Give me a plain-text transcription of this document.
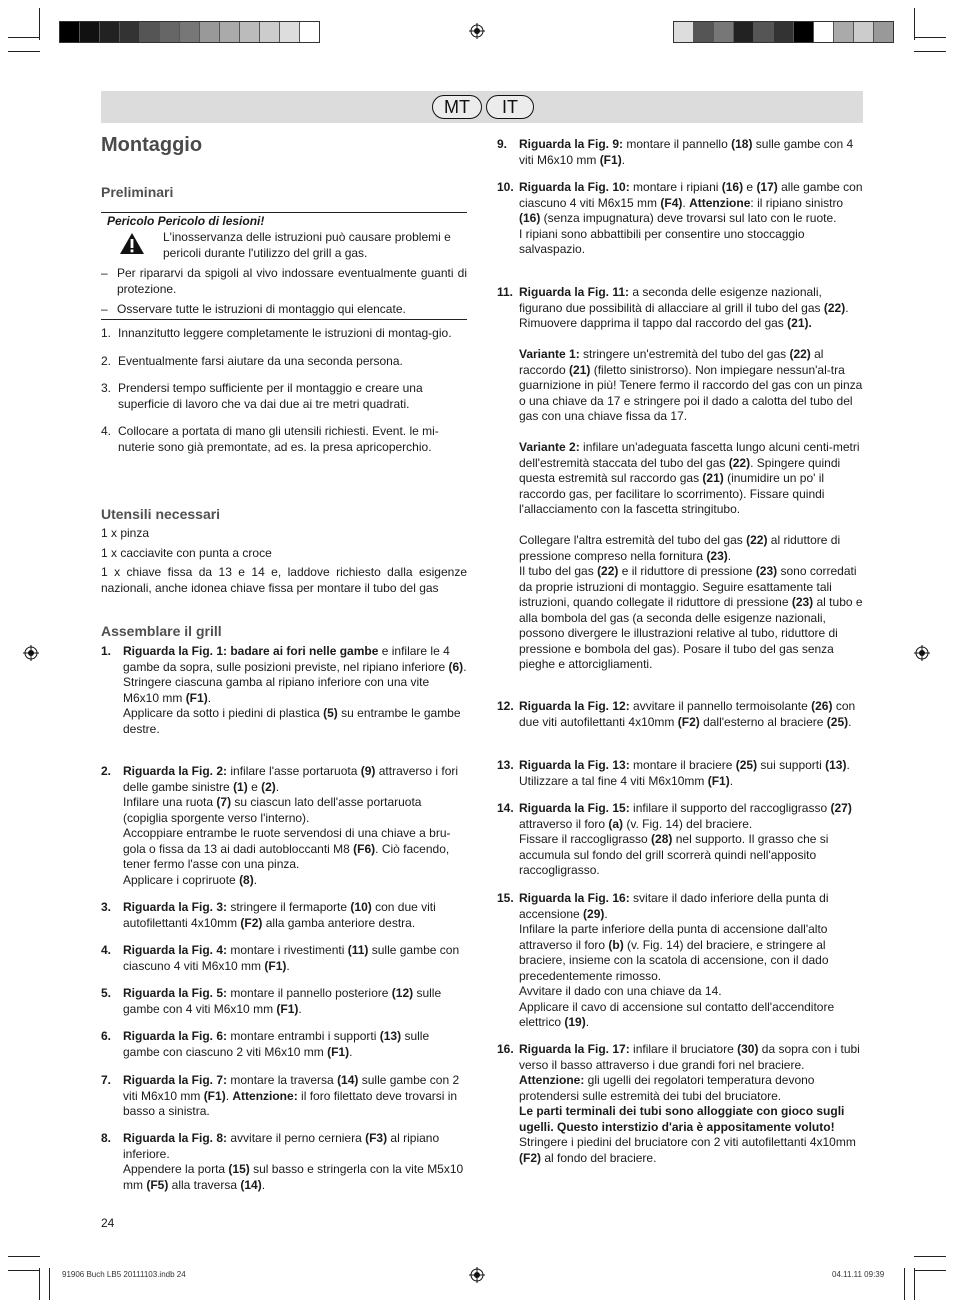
MT	IT
Montaggio
Preliminari
Pericolo Pericolo di lesioni!
L'inosservanza delle istruzioni può causare problemi e pericoli durante l'utilizzo del grill a gas.
– Per ripararvi da spigoli al vivo indossare eventualmente guanti di protezione.
– Osservare tutte le istruzioni di montaggio qui elencate.
1. Innanzitutto leggere completamente le istruzioni di montag-gio.
2. Eventualmente farsi aiutare da una seconda persona.
3. Prendersi tempo sufficiente per il montaggio e creare una superficie di lavoro che va dai due ai tre metri quadrati.
4. Collocare a portata di mano gli utensili richiesti. Event. le mi-nuterie sono già premontate, ad es. la presa apricoperchio.
Utensili necessari
1 x pinza
1 x cacciavite con punta a croce
1 x chiave fissa da 13 e 14 e, laddove richiesto dalla esigenze nazionali, anche idonea chiave fissa per montare il tubo del gas
Assemblare il grill
1. Riguarda la Fig. 1: badare ai fori nelle gambe e infilare le 4 gambe da sopra, sulle posizioni previste, nel ripiano inferiore (6).

Stringere ciascuna gamba al ripiano inferiore con una vite M6x10 mm (F1).

Applicare da sotto i piedini di plastica (5) su entrambe le gambe destre.

2. Riguarda la Fig. 2: infilare l'asse portaruota (9) attraverso i fori delle gambe sinistre (1) e (2).

Infilare una ruota (7) su ciascun lato dell'asse portaruota (copiglia sporgente verso l'interno).

Accoppiare entrambe le ruote servendosi di una chiave a bru-gola o fissa da 13 ai dadi autobloccanti M8 (F6). Ciò facendo, tener fermo l'asse con una pinza.

Applicare i copriruote (8).

3. Riguarda la Fig. 3: stringere il fermaporte (10) con due viti autofilettanti 4x10mm (F2) alla gamba anteriore destra.

4. Riguarda la Fig. 4: montare i rivestimenti (11) sulle gambe con ciascuno 4 viti M6x10 mm (F1).

5. Riguarda la Fig. 5: montare il pannello posteriore (12) sulle gambe con 4 viti M6x10 mm (F1).

6. Riguarda la Fig. 6: montare entrambi i supporti (13) sulle gambe con ciascuno 2 viti M6x10 mm (F1).

7. Riguarda la Fig. 7: montare la traversa (14) sulle gambe con 2 viti M6x10 mm (F1). Attenzione: il foro filettato deve trovarsi in basso a sinistra.

8. Riguarda la Fig. 8: avvitare il perno cerniera (F3) al ripiano inferiore.

Appendere la porta (15) sul basso e stringerla con la vite M5x10 mm (F5) alla traversa (14).

9. Riguarda la Fig. 9: montare il pannello (18) sulle gambe con 4 viti M6x10 mm (F1).

10. Riguarda la Fig. 10: montare i ripiani (16) e (17) alle gambe con ciascuno 4 viti M6x15 mm (F4). Attenzione: il ripiano sinistro (16) (senza impugnatura) deve trovarsi sul lato con le ruote.

I ripiani sono abbattibili per consentire uno stoccaggio salvaspazio.

11. Riguarda la Fig. 11: a seconda delle esigenze nazionali, figurano due possibilità di allacciare al grill il tubo del gas (22). Rimuovere dapprima il tappo dal raccordo del gas (21).

Variante 1: stringere un'estremità del tubo del gas (22) al raccordo (21) (filetto sinistrorso). Non impiegare nessun'al-tra guarnizione in più! Tenere fermo il raccordo del gas con un pinza o una chiave da 17 e stringere poi il dado a calotta del tubo del gas con una chiave fissa da 17.

Variante 2: infilare un'adeguata fascetta lungo alcuni centi-metri dell'estremità staccata del tubo del gas (22). Spingere quindi questa estremità sul raccordo gas (21) (inumidire un po' il raccordo gas, per facilitare lo scorrimento). Fissare quindi l'allacciamento con la fascetta stringitubo.

Collegare l'altra estremità del tubo del gas (22) al riduttore di pressione compreso nella fornitura (23).

Il tubo del gas (22) e il riduttore di pressione (23) sono corredati da proprie istruzioni di montaggio. Seguire esattamente tali istruzioni, quando collegate il riduttore di pressione (23) al tubo e alla bombola del gas (a seconda delle esigenze nazionali, possono divergere le illustrazioni relative al tubo, riduttore di pressione e bombola del gas). Posare il tubo del gas senza pieghe e attorcigliamenti.

12. Riguarda la Fig. 12: avvitare il pannello termoisolante (26) con due viti autofilettanti 4x10mm (F2) dall'esterno al braciere (25).

13. Riguarda la Fig. 13: montare il braciere (25) sui supporti (13). Utilizzare a tal fine 4 viti M6x10mm (F1).

14. Riguarda la Fig. 15: infilare il supporto del raccogligrasso (27) attraverso il foro (a) (v. Fig. 14) del braciere.

Fissare il raccogligrasso (28) nel supporto. Il grasso che si accumula sul fondo del grill scorrerà quindi nell'apposito raccogligrasso.

15. Riguarda la Fig. 16: svitare il dado inferiore della punta di accensione (29).

Infilare la parte inferiore della punta di accensione dall'alto attraverso il foro (b) (v. Fig. 14) del braciere, e stringere al braciere, insieme con la scatola di accensione, con il dado precedentemente rimosso.

Avvitare il dado con una chiave da 14.

Applicare il cavo di accensione sul contatto dell'accenditore elettrico (19).

16. Riguarda la Fig. 17: infilare il bruciatore (30) da sopra con i tubi verso il basso attraverso i due grandi fori nel braciere.

Attenzione: gli ugelli dei regolatori temperatura devono protendersi sulle estremità dei tubi del bruciatore.

Le parti terminali dei tubi sono alloggiate con gioco sugli ugelli. Questo interstizio d'aria è appositamente voluto!

Stringere i piedini del bruciatore con 2 viti autofilettanti 4x10mm (F2) al fondo del braciere.

24
91906 Buch LB5 20111103.indb 24	04.11.11 09:39
